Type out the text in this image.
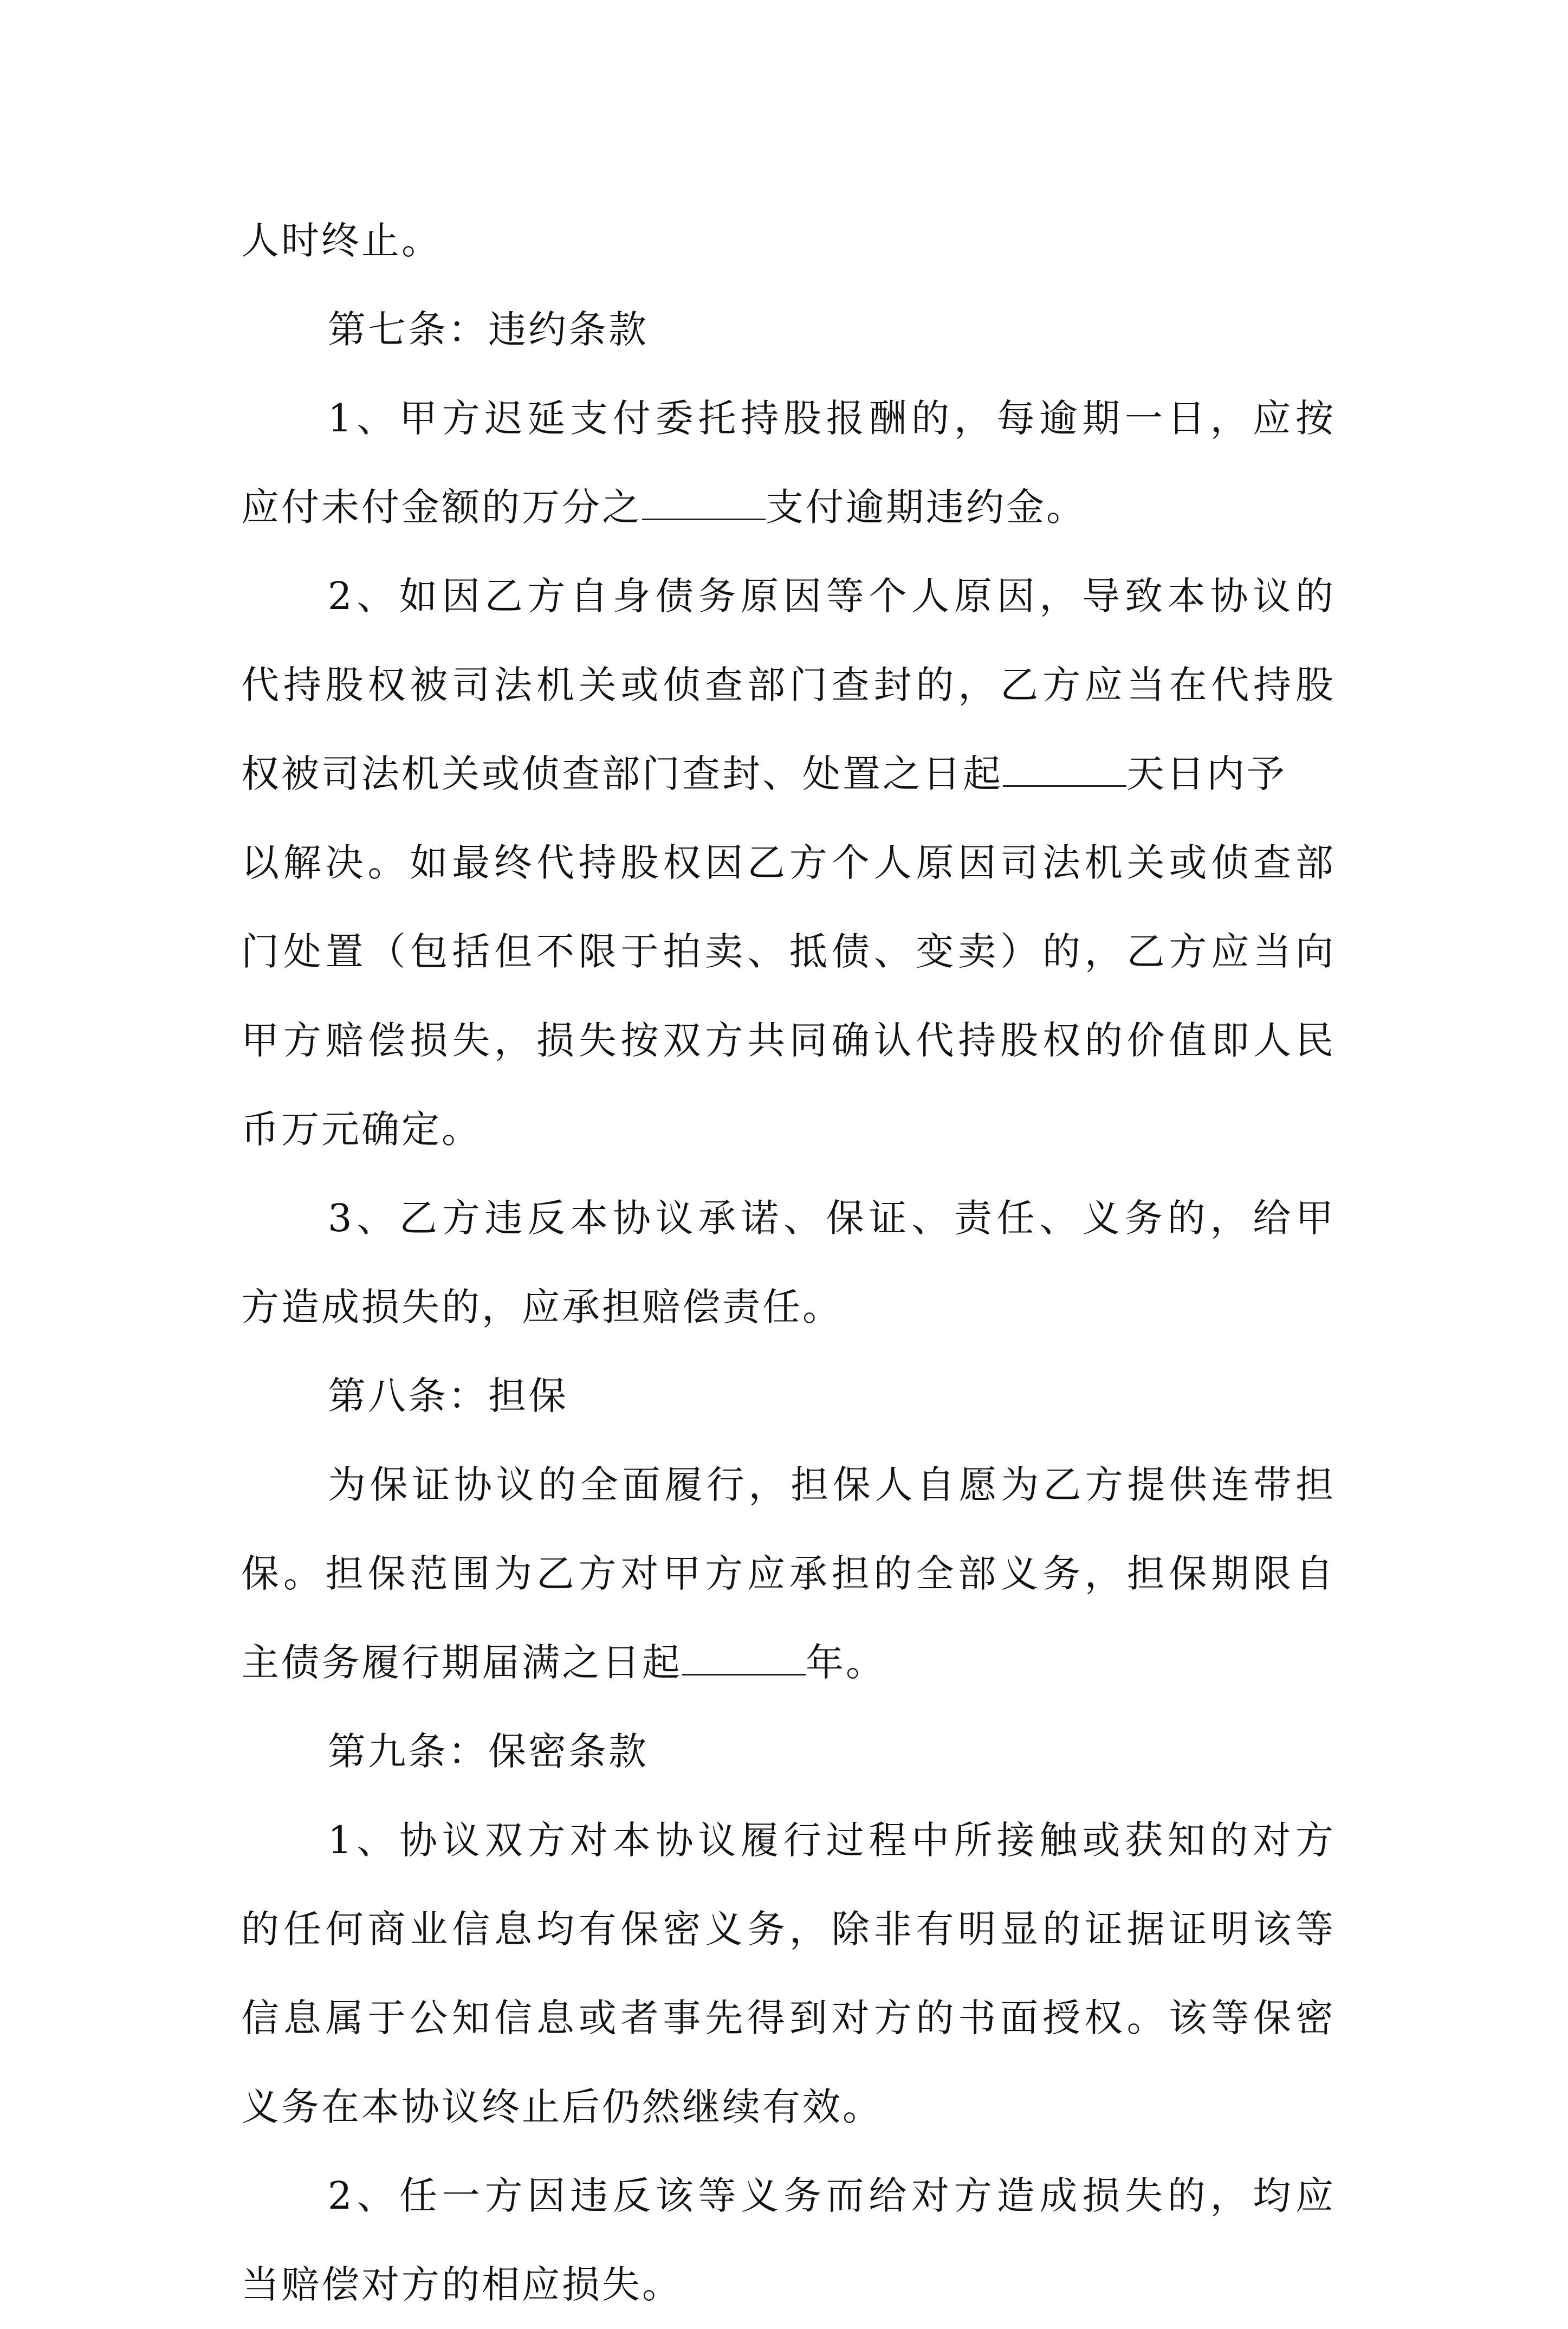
人时终止。
第七条：违约条款
1、甲方迟延支付委托持股报酬的，每逾期一日，应按
应付未付金额的万分之	支付逾期违约金。
2、如因乙方自身债务原因等个人原因，导致本协议的
代持股权被司法机关或侦查部门查封的，乙方应当在代持股
权被司法机关或侦查部门查封、处置之日起	天日内予
以解决。如最终代持股权因乙方个人原因司法机关或侦查部
门处置（包括但不限于拍卖、抵债、变卖）的，乙方应当向
甲方赔偿损失，损失按双方共同确认代持股权的价值即人民
币万元确定。
3、乙方违反本协议承诺、保证、责任、义务的，给甲
方造成损失的，应承担赔偿责任。
第八条：担保
为保证协议的全面履行，担保人自愿为乙方提供连带担
保。担保范围为乙方对甲方应承担的全部义务，担保期限自
主债务履行期届满之日起	年。
第九条：保密条款
1、协议双方对本协议履行过程中所接触或获知的对方
的任何商业信息均有保密义务，除非有明显的证据证明该等
信息属于公知信息或者事先得到对方的书面授权。该等保密
义务在本协议终止后仍然继续有效。
2、任一方因违反该等义务而给对方造成损失的，均应
当赔偿对方的相应损失。
